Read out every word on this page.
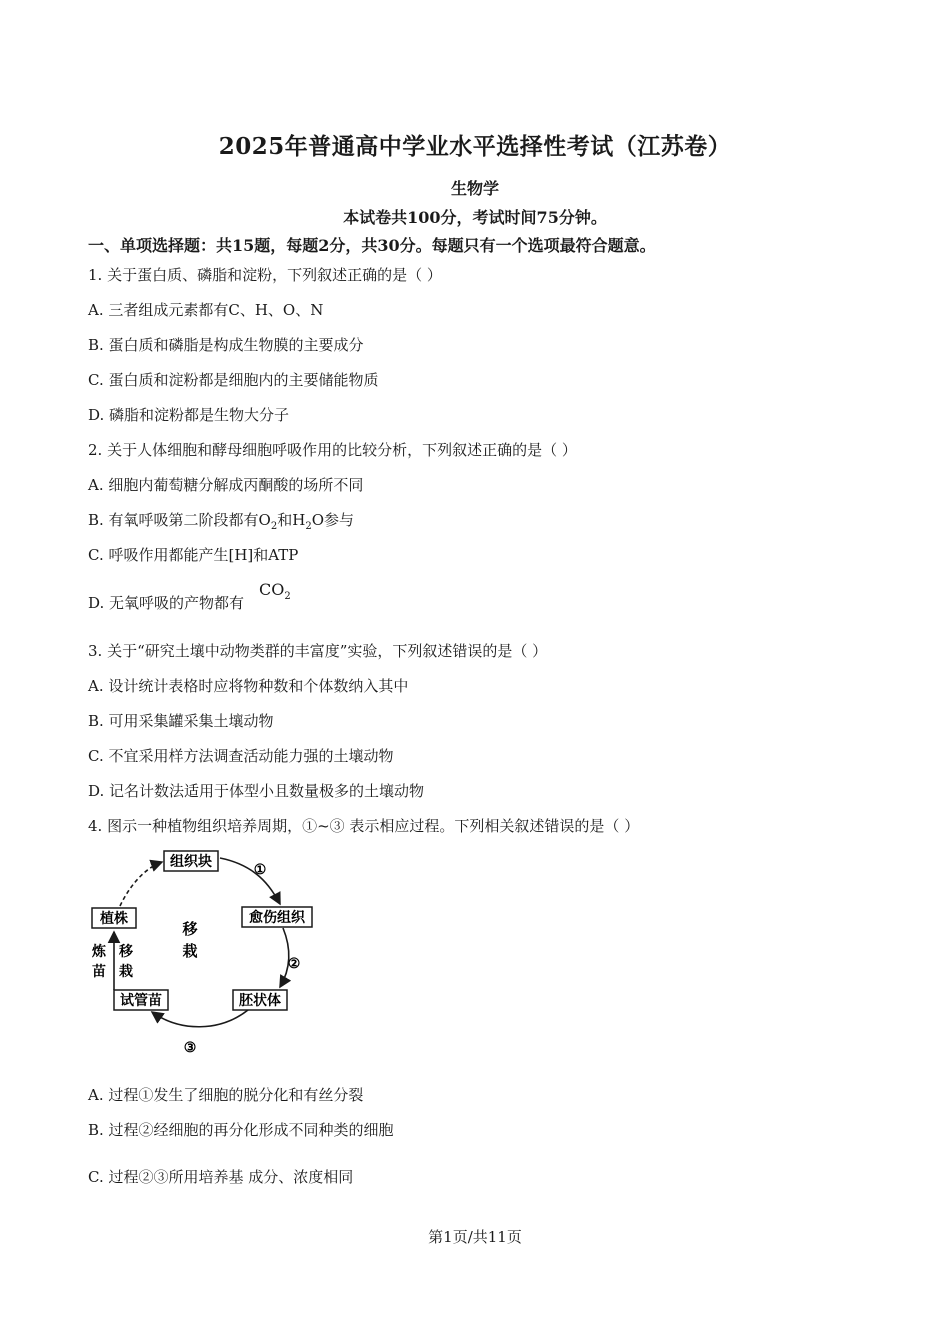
2025年普通高中学业水平选择性考试（江苏卷）
生物学
本试卷共100分，考试时间75分钟。
一、单项选择题：共15题，每题2分，共30分。每题只有一个选项最符合题意。
1. 关于蛋白质、磷脂和淀粉，下列叙述正确的是（ ）
A. 三者组成元素都有C、H、O、N
B. 蛋白质和磷脂是构成生物膜的主要成分
C. 蛋白质和淀粉都是细胞内的主要储能物质
D. 磷脂和淀粉都是生物大分子
2. 关于人体细胞和酵母细胞呼吸作用的比较分析，下列叙述正确的是（ ）
A. 细胞内葡萄糖分解成丙酮酸的场所不同
B. 有氧呼吸第二阶段都有$O_2$和$H_2O$参与
C. 呼吸作用都能产生[H]和ATP
D. 无氧呼吸的产物都有
$CO_2$
3. 关于“研究土壤中动物类群的丰富度”实验，下列叙述错误的是（ ）
A. 设计统计表格时应将物种数和个体数纳入其中
B. 可用采集罐采集土壤动物
C. 不宜采用样方法调查活动能力强的土壤动物
D. 记名计数法适用于体型小且数量极多的土壤动物
4. 图示一种植物组织培养周期，①~③ 表示相应过程。下列相关叙述错误的是（ ）
组织块
愈伤组织
胚状体
试管苗
植株
①
②
③
移
栽
炼
苗
移
栽
A. 过程①发生了细胞的脱分化和有丝分裂
B. 过程②经细胞的再分化形成不同种类的细胞
C. 过程②③所用培养基 成分、浓度相同
第1页/共11页
